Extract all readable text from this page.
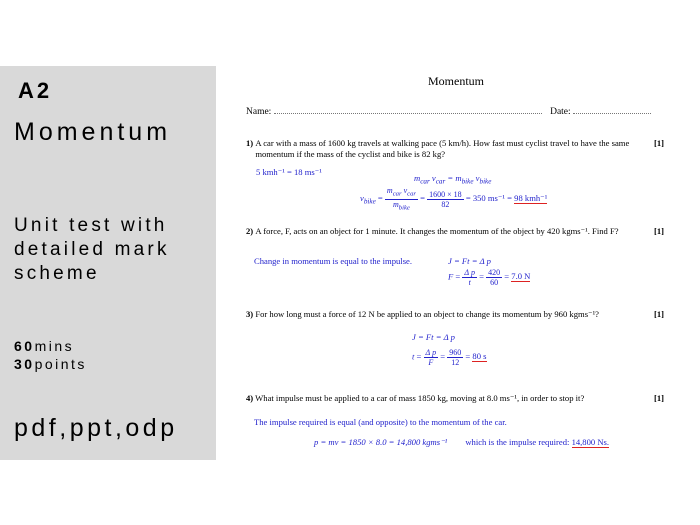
A2
Momentum
Unit test with detailed mark scheme
60mins
30points
pdf,ppt,odp
Momentum
Name:	Date:
1) A car with a mass of 1600 kg travels at walking pace (5 km/h). How fast must cyclist travel to have the same momentum if the mass of the cyclist and bike is 82 kg?
[1]
5 kmh⁻¹ = 18 ms⁻¹
$m_{car}$ $v_{car} = m_{bike}$ $v_{bike}$
$v_{bike} = \frac{m_{car} v_{car}}{m_{bike}} = \frac{1600 \times 18}{82} = 350$ ms⁻¹ = 98 kmh⁻¹
2) A force, F, acts on an object for 1 minute. It changes the momentum of the object by 420 kgms⁻¹. Find F?	[1]
Change in momentum is equal to the impulse.	J = Ft = Δ p
$F = \frac{\text{Δ p}}{t} = \frac{420}{60} = 7.0$ N
3) For how long must a force of 12 N be applied to an object to change its momentum by 960 kgms⁻¹?	[1]
J = Ft = Δ p
$t = \frac{\text{Δ p}}{F} = \frac{960}{12} = 80$ s
4) What impulse must be applied to a car of mass 1850 kg, moving at 8.0 ms⁻¹, in order to stop it?	[1]
The impulse required is equal (and opposite) to the momentum of the car.
p = mv = 1850 × 8.0 = 14,800 kgms⁻¹ which is the impulse required: 14,800 Ns.
